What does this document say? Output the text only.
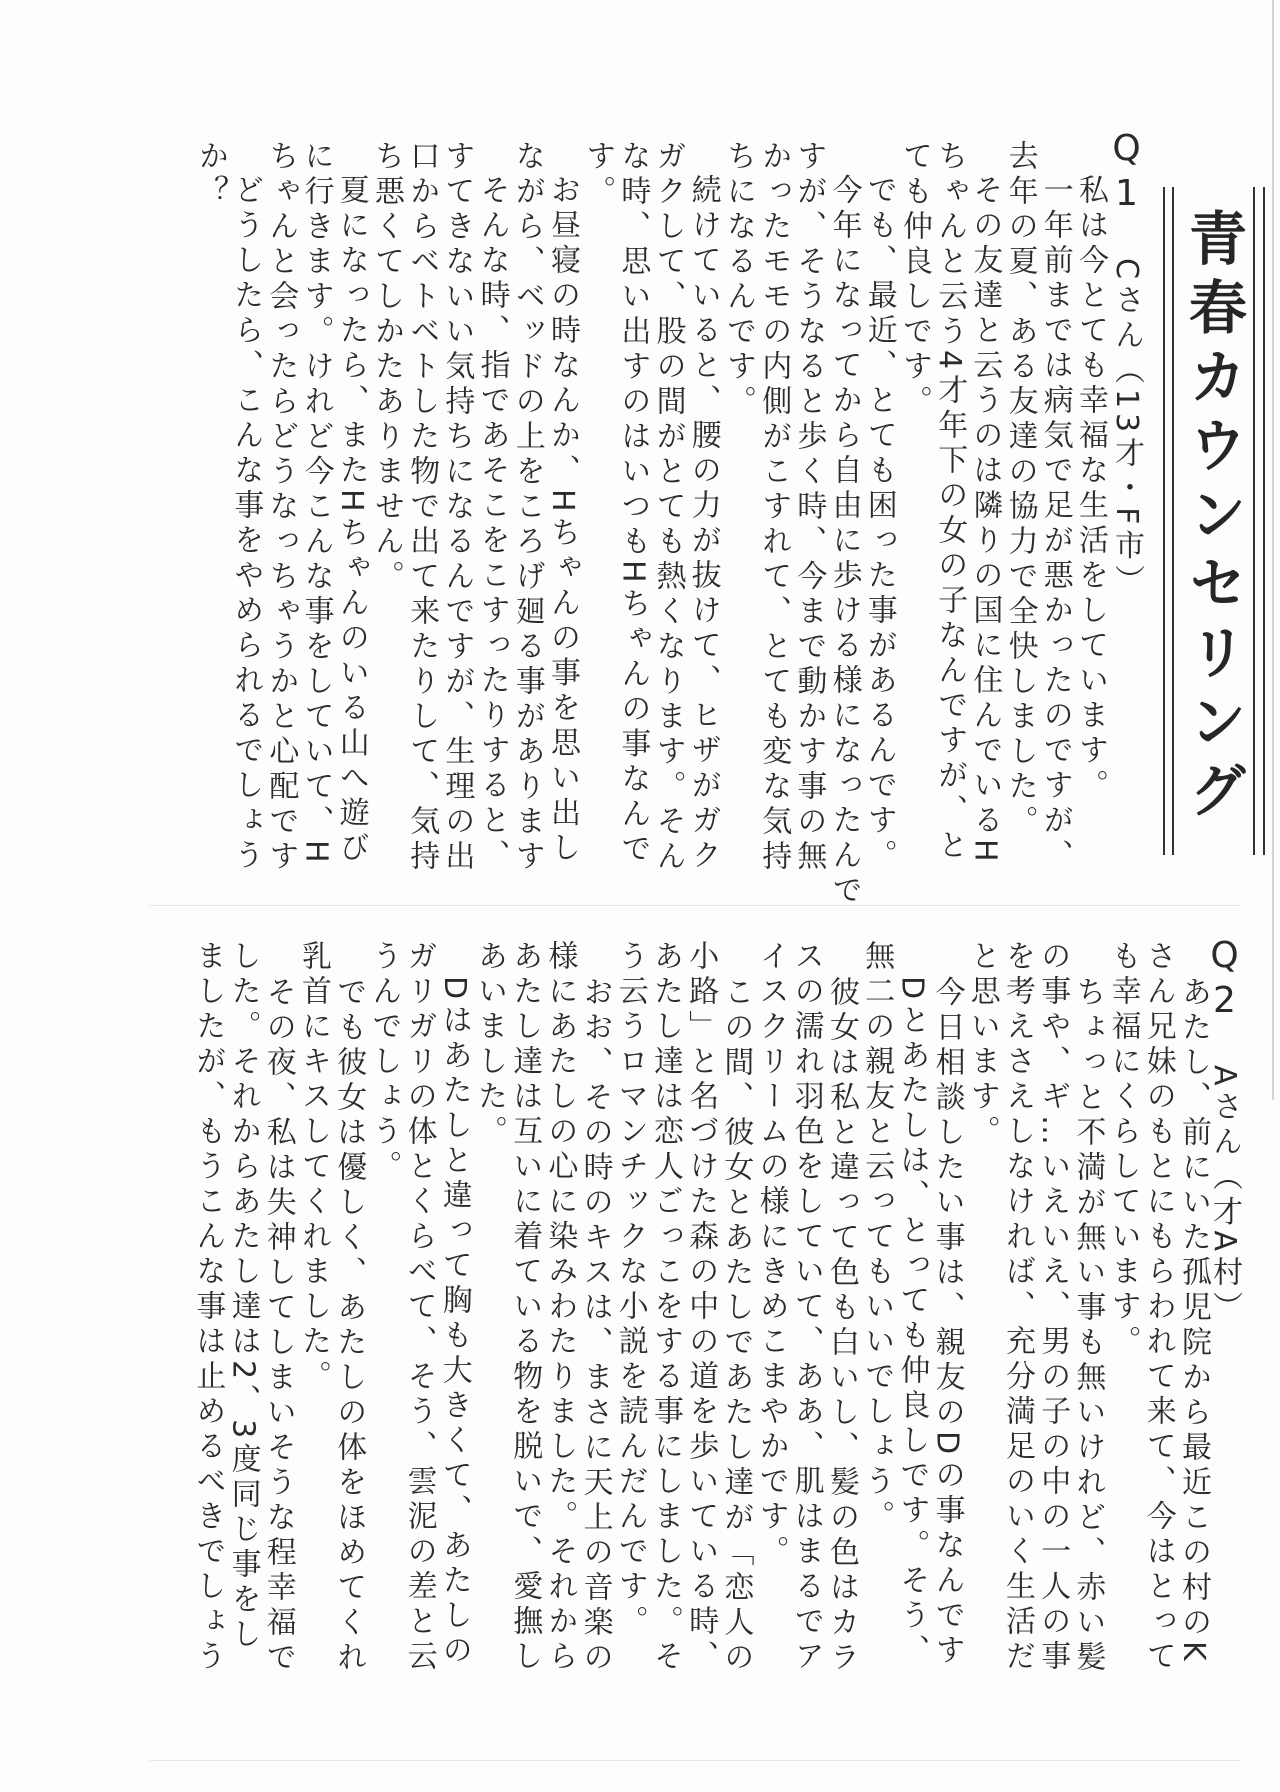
青春カウンセリング
Q1Cさん（13才・F市）
私は今とても幸福な生活をしています。
一年前までは病気で足が悪かったのですが、
去年の夏、ある友達の協力で全快しました。
その友達と云うのは隣りの国に住んでいるH
ちゃんと云う4才年下の女の子なんですが、と
ても仲良しです。
でも、最近、とても困った事があるんです。
今年になってから自由に歩ける様になったんで
すが、そうなると歩く時、今まで動かす事の無
かったモモの内側がこすれて、とても変な気持
ちになるんです。
続けていると、腰の力が抜けて、ヒザがガク
ガクして、股の間がとても熱くなります。そん
な時、思い出すのはいつもHちゃんの事なんで
す。
お昼寝の時なんか、Hちゃんの事を思い出し
ながら、ベッドの上をころげ廻る事があります
そんな時、指であそこをこすったりすると、
すてきないい気持ちになるんですが、生理の出
口からベトベトした物で出て来たりして、気持
ち悪くてしかたありません。
夏になったら、またHちゃんのいる山へ遊び
に行きます。けれど今こんな事をしていて、H
ちゃんと会ったらどうなっちゃうかと心配です
どうしたら、こんな事をやめられるでしょう
か？
Q2Aさん（才A村）
あたし、前にいた孤児院から最近この村のK
さん兄妹のもとにもらわれて来て、今はとって
も幸福にくらしています。
ちょっと不満が無い事も無いけれど、赤い髪
の事や、ギ…いえいえ、男の子の中の一人の事
を考えさえしなければ、充分満足のいく生活だ
と思います。
今日相談したい事は、親友のDの事なんです
Dとあたしは、とっても仲良しです。そう、
無二の親友と云ってもいいでしょう。
彼女は私と違って色も白いし、髪の色はカラ
スの濡れ羽色をしていて、ああ、肌はまるでア
イスクリームの様にきめこまやかです。
この間、彼女とあたしであたし達が「恋人の
小路」と名づけた森の中の道を歩いている時、
あたし達は恋人ごっこをする事にしました。そ
う云うロマンチックな小説を読んだんです。
おお、その時のキスは、まさに天上の音楽の
様にあたしの心に染みわたりました。それから
あたし達は互いに着ている物を脱いで、愛撫し
あいました。
Dはあたしと違って胸も大きくて、あたしの
ガリガリの体とくらべて、そう、雲泥の差と云
うんでしょう。
でも彼女は優しく、あたしの体をほめてくれ
乳首にキスしてくれました。
その夜、私は失神してしまいそうな程幸福で
した。それからあたし達は2、3度同じ事をし
ましたが、もうこんな事は止めるべきでしょう
